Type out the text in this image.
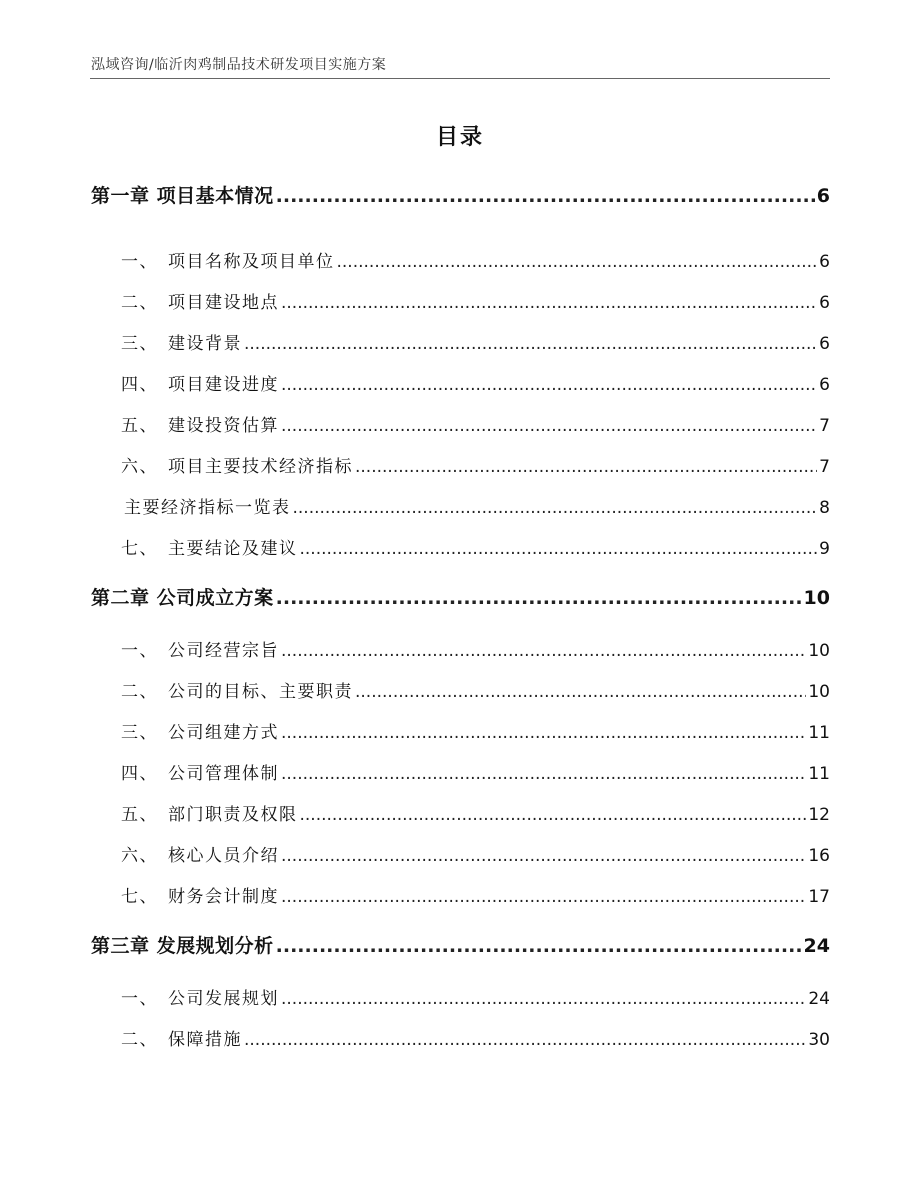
泓域咨询/临沂肉鸡制品技术研发项目实施方案
目录
第一章 项目基本情况 .....	6
一、 项目名称及项目单位 .....	6
二、 项目建设地点 .....	6
三、 建设背景 .....	6
四、 项目建设进度 .....	6
五、 建设投资估算 .....	7
六、 项目主要技术经济指标 .....	7
主要经济指标一览表 .....	8
七、 主要结论及建议 .....	9
第二章 公司成立方案 .....	10
一、 公司经营宗旨 .....	10
二、 公司的目标、主要职责 .....	10
三、 公司组建方式 .....	11
四、 公司管理体制 .....	11
五、 部门职责及权限 .....	12
六、 核心人员介绍 .....	16
七、 财务会计制度 .....	17
第三章 发展规划分析 .....	24
一、 公司发展规划 .....	24
二、 保障措施 .....	30
